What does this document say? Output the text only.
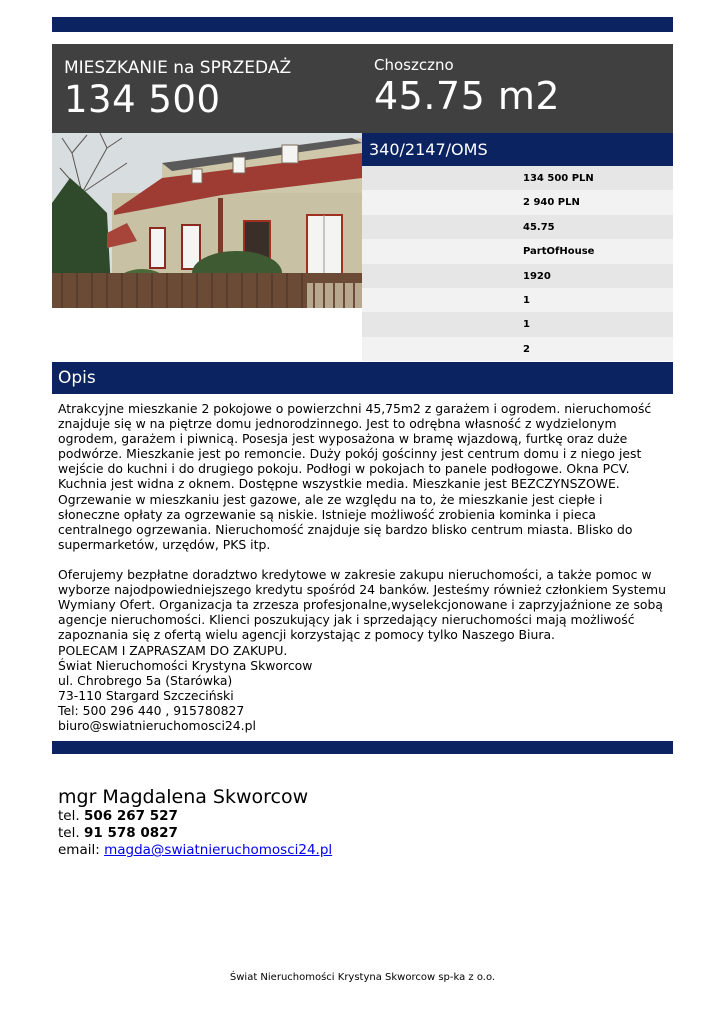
MIESZKANIE na SPRZEDAŻ
134 500
Choszczno
45.75 m2
340/2147/OMS
134 500 PLN
2 940 PLN
45.75
PartOfHouse
1920
1
1
2
Opis
Atrakcyjne mieszkanie 2 pokojowe o powierzchni 45,75m2 z garażem i ogrodem. nieruchomość znajduje się w na piętrze domu jednorodzinnego. Jest to odrębna własność z wydzielonym ogrodem, garażem i piwnicą. Posesja jest wyposażona w bramę wjazdową, furtkę oraz duże podwórze. Mieszkanie jest po remoncie. Duży pokój gościnny jest centrum domu i z niego jest wejście do kuchni i do drugiego pokoju. Podłogi w pokojach to panele podłogowe. Okna PCV. Kuchnia jest widna z oknem. Dostępne wszystkie media. Mieszkanie jest BEZCZYNSZOWE. Ogrzewanie w mieszkaniu jest gazowe, ale ze względu na to, że mieszkanie jest ciepłe i słoneczne opłaty za ogrzewanie są niskie. Istnieje możliwość zrobienia kominka i pieca centralnego ogrzewania. Nieruchomość znajduje się bardzo blisko centrum miasta. Blisko do supermarketów, urzędów, PKS itp.

Oferujemy bezpłatne doradztwo kredytowe w zakresie zakupu nieruchomości, a także pomoc w wyborze najodpowiedniejszego kredytu spośród 24 banków. Jesteśmy również członkiem Systemu Wymiany Ofert. Organizacja ta zrzesza profesjonalne,wyselekcjonowane i zaprzyjaźnione ze sobą agencje nieruchomości. Klienci poszukujący jak i sprzedający nieruchomości mają możliwość zapoznania się z ofertą wielu agencji korzystając z pomocy tylko Naszego Biura.
POLECAM I ZAPRASZAM DO ZAKUPU.
Świat Nieruchomości Krystyna Skworcow
ul. Chrobrego 5a (Starówka)
73-110 Stargard Szczeciński
Tel: 500 296 440 , 915780827
biuro@swiatnieruchomosci24.pl
mgr Magdalena Skworcow
tel. 506 267 527
tel. 91 578 0827
email: magda@swiatnieruchomosci24.pl
Świat Nieruchomości Krystyna Skworcow sp-ka z o.o.
